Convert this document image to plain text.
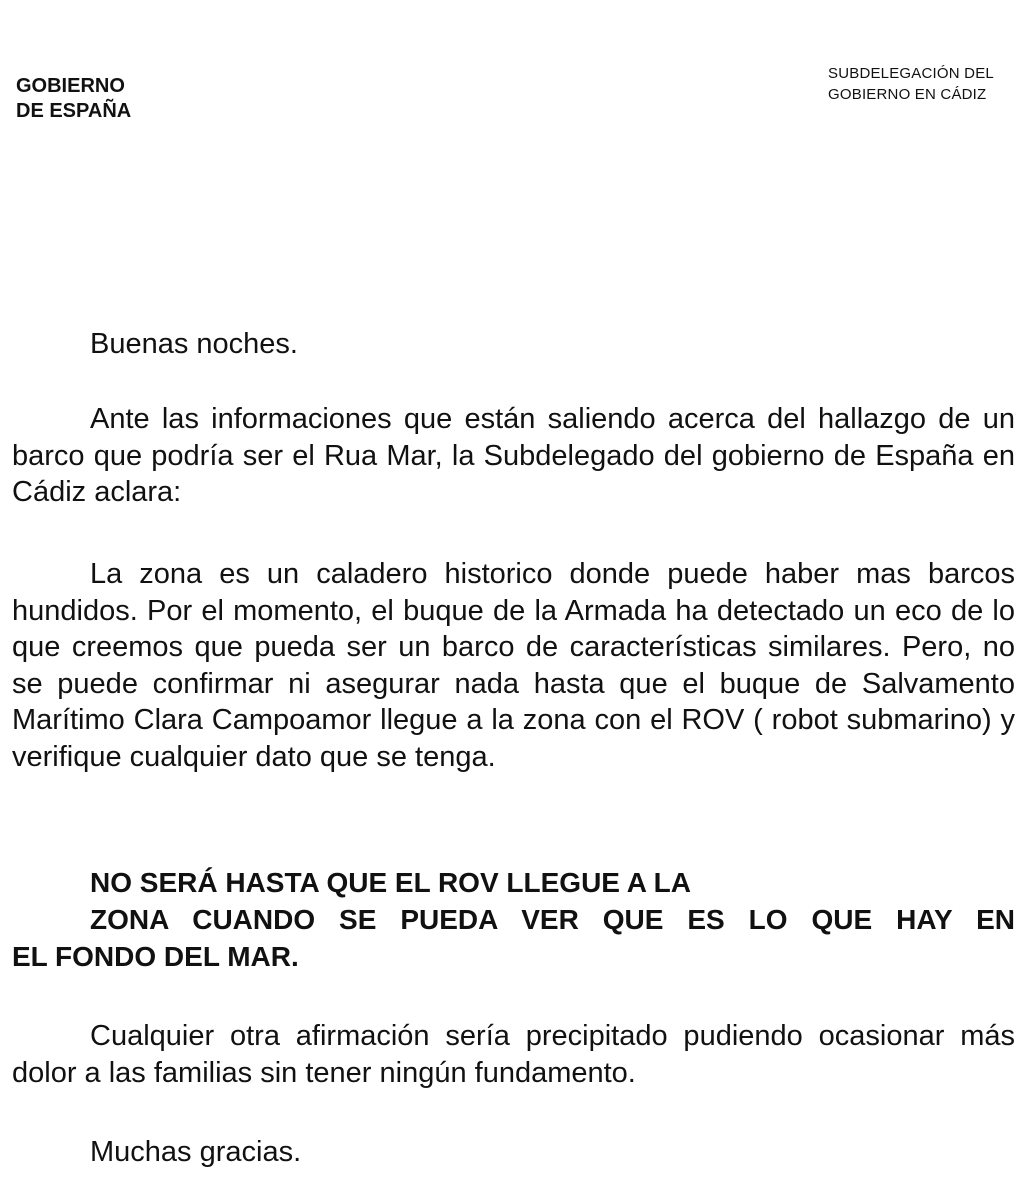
GOBIERNO
DE ESPAÑA
SUBDELEGACIÓN DEL
GOBIERNO EN CÁDIZ

Buenas noches.

Ante las informaciones que están saliendo acerca del hallazgo de un barco que podría ser el Rua Mar, la Subdelegado del gobierno de España en Cádiz aclara:

La zona es un caladero historico donde puede haber mas barcos hundidos. Por el momento, el buque de la Armada ha detectado un eco de lo que creemos que pueda ser un barco de características similares. Pero, no se puede confirmar ni asegurar nada hasta que el buque de Salvamento Marítimo Clara Campoamor llegue a la zona con el ROV ( robot submarino) y verifique cualquier dato que se tenga.

NO SERÁ HASTA QUE EL ROV LLEGUE A LA
ZONA CUANDO SE PUEDA VER QUE ES LO QUE HAY EN
EL FONDO DEL MAR.

Cualquier otra afirmación sería precipitado pudiendo ocasionar más dolor a las familias sin tener ningún fundamento.

Muchas gracias.
